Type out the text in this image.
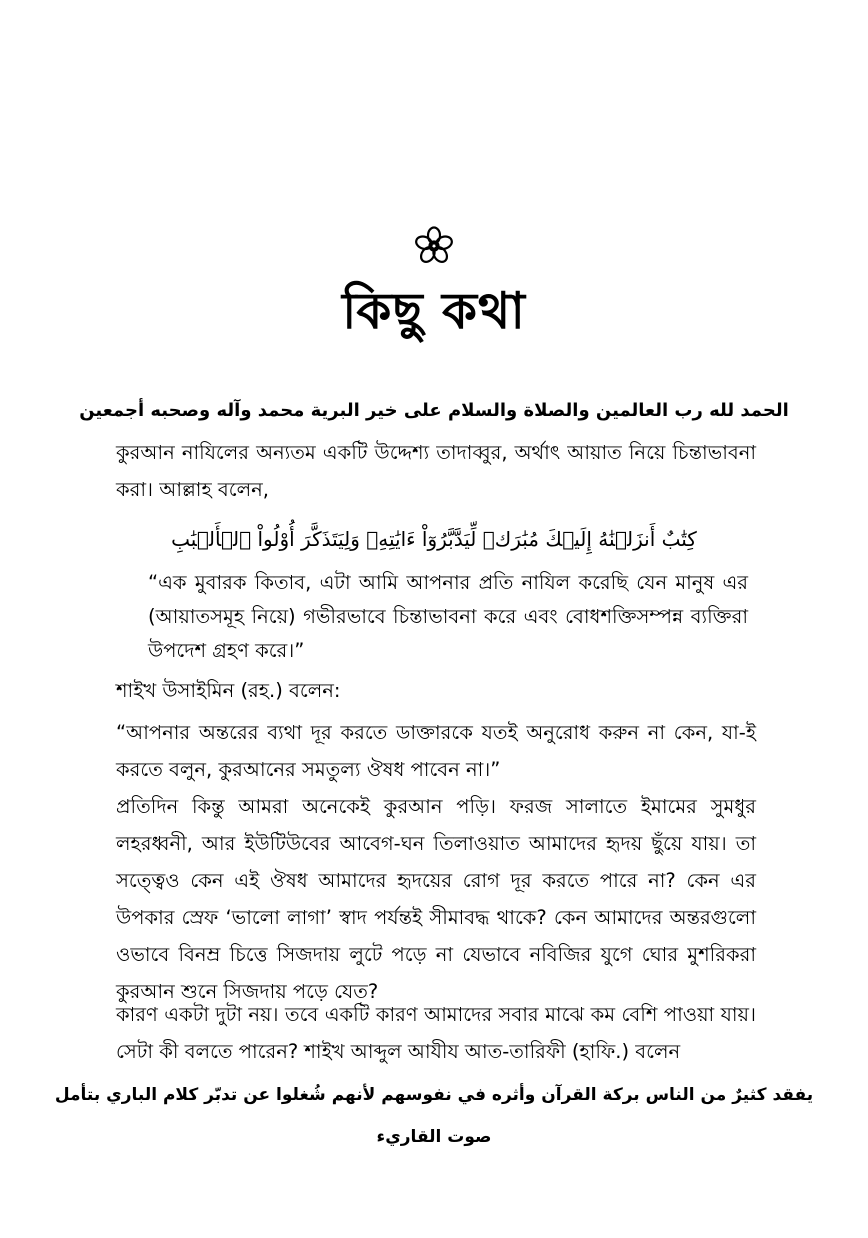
কিছু কথা
الحمد لله رب العالمين والصلاة والسلام على خير البرية محمد وآله وصحبه أجمعين
কুরআন নাযিলের অন্যতম একটি উদ্দেশ্য তাদাব্বুর, অর্থাৎ আয়াত নিয়ে চিন্তাভাবনা করা। আল্লাহ বলেন,
كِتَٰبٌ أَنزَلۡنَٰهُ إِلَيۡكَ مُبَٰرَكٞ لِّيَدَّبَّرُوٓاْ ءَايَٰتِهِۦ وَلِيَتَذَكَّرَ أُوْلُواْ ٱلۡأَلۡبَٰبِ
“এক মুবারক কিতাব, এটা আমি আপনার প্রতি নাযিল করেছি যেন মানুষ এর (আয়াতসমূহ নিয়ে) গভীরভাবে চিন্তাভাবনা করে এবং বোধশক্তিসম্পন্ন ব্যক্তিরা উপদেশ গ্রহণ করে।”
শাইখ উসাইমিন (রহ.) বলেন:
“আপনার অন্তরের ব্যথা দূর করতে ডাক্তারকে যতই অনুরোধ করুন না কেন, যা-ই করতে বলুন, কুরআনের সমতুল্য ঔষধ পাবেন না।”
প্রতিদিন কিন্তু আমরা অনেকেই কুরআন পড়ি। ফরজ সালাতে ইমামের সুমধুর লহরধ্বনী, আর ইউটিউবের আবেগ-ঘন তিলাওয়াত আমাদের হৃদয় ছুঁয়ে যায়। তা সত্ত্বেও কেন এই ঔষধ আমাদের হৃদয়ের রোগ দূর করতে পারে না? কেন এর উপকার স্রেফ ‘ভালো লাগা’ স্বাদ পর্যন্তই সীমাবদ্ধ থাকে? কেন আমাদের অন্তরগুলো ওভাবে বিনম্র চিত্তে সিজদায় লুটে পড়ে না যেভাবে নবিজির যুগে ঘোর মুশরিকরা কুরআন শুনে সিজদায় পড়ে যেত?
কারণ একটা দুটা নয়। তবে একটি কারণ আমাদের সবার মাঝে কম বেশি পাওয়া যায়। সেটা কী বলতে পারেন? শাইখ আব্দুল আযীয আত-তারিফী (হাফি.) বলেন
يفقد كثيرٌ من الناس بركة القرآن وأثره في نفوسهم لأنهم شُغلوا عن تدبّر كلام الباري بتأمل
صوت القاريء
